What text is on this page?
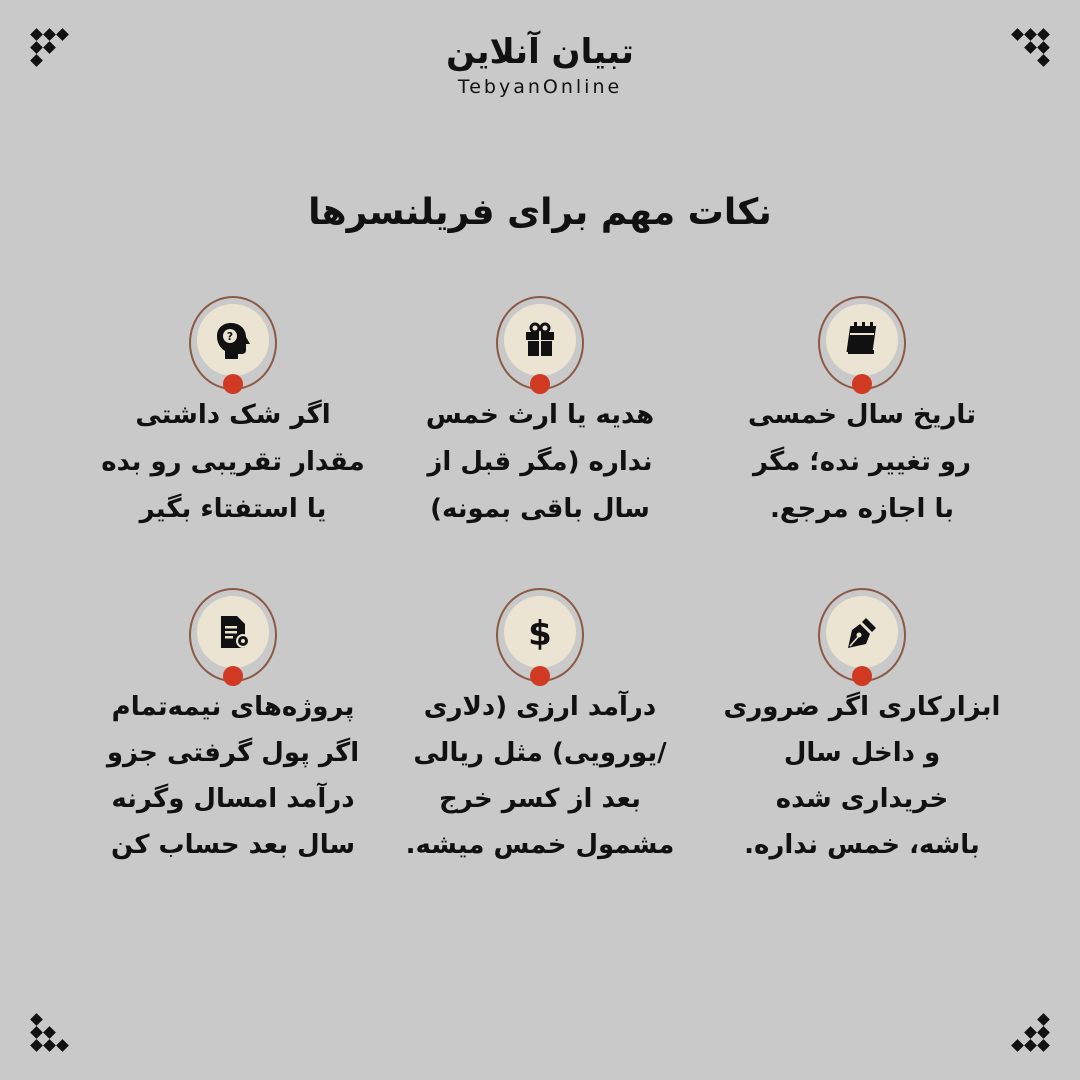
تبیان آنلاین
TebyanOnline
نکات مهم برای فریلنسرها
تاریخ سال خمسی
رو تغییر نده؛ مگر
با اجازه مرجع.
هدیه یا ارث خمس
نداره (مگر قبل از
سال باقی بمونه)
?
اگر شک داشتی
مقدار تقریبی رو بده
یا استفتاء بگیر
ابزارکاری اگر ضروری
و داخل سال
خریداری شده
باشه، خمس نداره.
$
درآمد ارزی (دلاری
/یورویی) مثل ریالی
بعد از کسر خرج
مشمول خمس میشه.
پروژه‌های نیمه‌تمام
اگر پول گرفتی جزو
درآمد امسال وگرنه
سال بعد حساب کن
